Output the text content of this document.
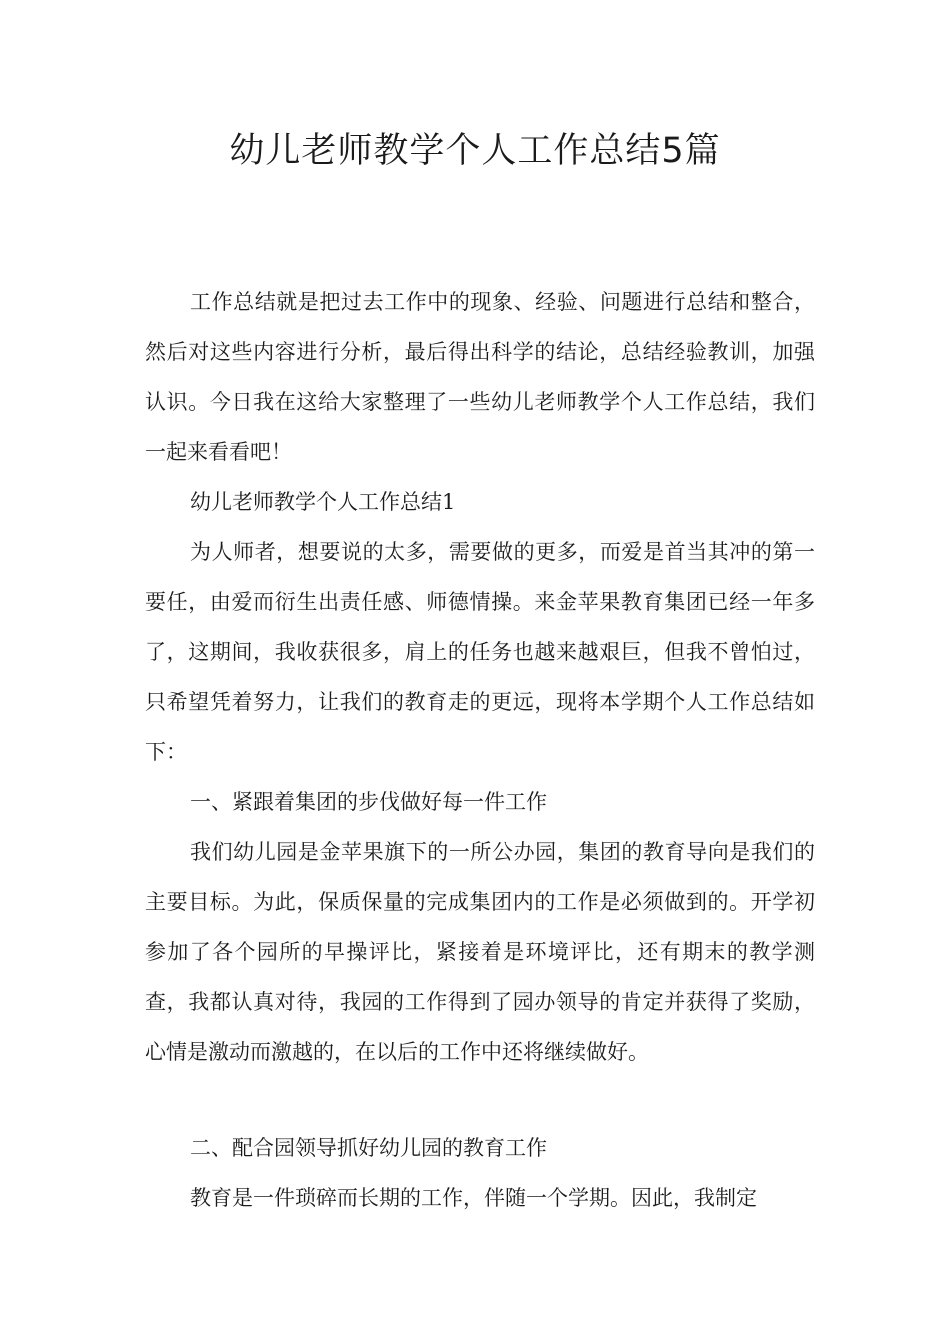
幼儿老师教学个人工作总结5篇

工作总结就是把过去工作中的现象、经验、问题进行总结和整合，然后对这些内容进行分析，最后得出科学的结论，总结经验教训，加强认识。今日我在这给大家整理了一些幼儿老师教学个人工作总结，我们一起来看看吧！

幼儿老师教学个人工作总结1

为人师者，想要说的太多，需要做的更多，而爱是首当其冲的第一要任，由爱而衍生出责任感、师德情操。来金苹果教育集团已经一年多了，这期间，我收获很多，肩上的任务也越来越艰巨，但我不曾怕过，只希望凭着努力，让我们的教育走的更远，现将本学期个人工作总结如下：

一、紧跟着集团的步伐做好每一件工作

我们幼儿园是金苹果旗下的一所公办园，集团的教育导向是我们的主要目标。为此，保质保量的完成集团内的工作是必须做到的。开学初参加了各个园所的早操评比，紧接着是环境评比，还有期末的教学测查，我都认真对待，我园的工作得到了园办领导的肯定并获得了奖励，心情是激动而激越的，在以后的工作中还将继续做好。

二、配合园领导抓好幼儿园的教育工作

教育是一件琐碎而长期的工作，伴随一个学期。因此，我制定
